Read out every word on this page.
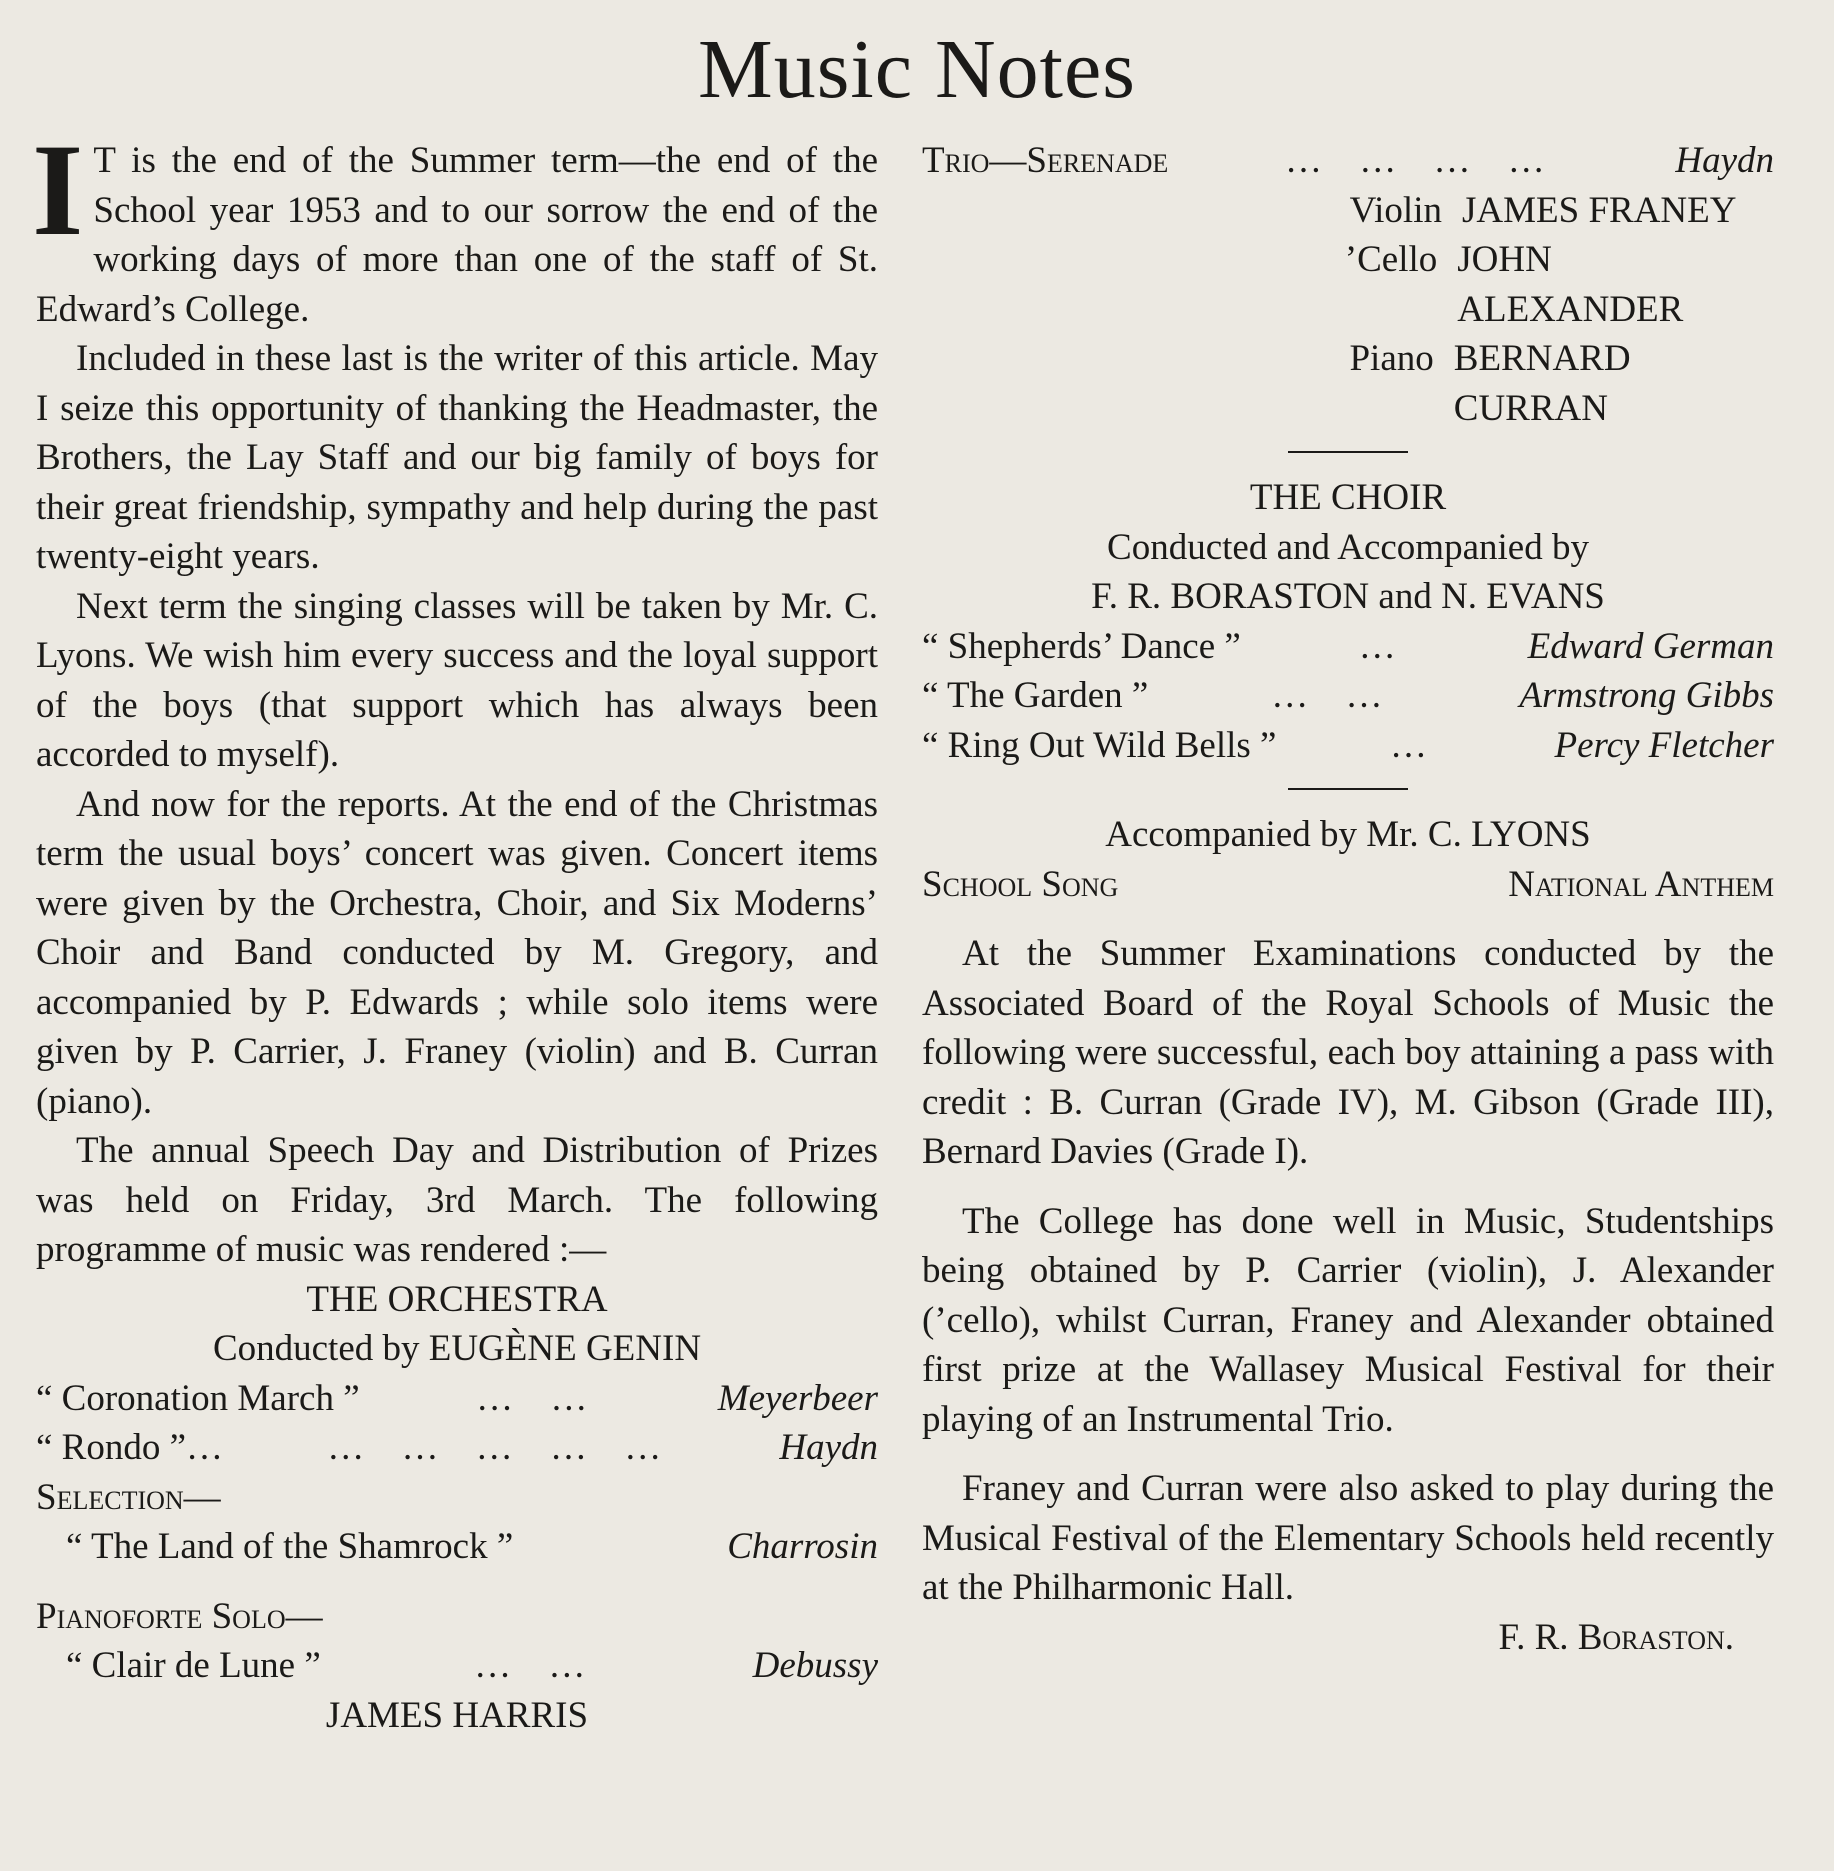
Music Notes

I T is the end of the Summer term—the end of the School year 1953 and to our sorrow the end of the working days of more than one of the staff of St. Edward’s College.

Included in these last is the writer of this article. May I seize this opportunity of thanking the Headmaster, the Brothers, the Lay Staff and our big family of boys for their great friendship, sympathy and help during the past twenty-eight years.

Next term the singing classes will be taken by Mr. C. Lyons. We wish him every success and the loyal support of the boys (that support which has always been accorded to myself).

And now for the reports. At the end of the Christmas term the usual boys’ concert was given. Concert items were given by the Orchestra, Choir, and Six Moderns’ Choir and Band conducted by M. Gregory, and accompanied by P. Edwards ; while solo items were given by P. Carrier, J. Franey (violin) and B. Curran (piano).

The annual Speech Day and Distribution of Prizes was held on Friday, 3rd March. The following programme of music was rendered :—

THE ORCHESTRA
Conducted by EUGÈNE GENIN
“ Coronation March ”	… …	Meyerbeer
“ Rondo ”…	… … … … …	Haydn
Selection—
“ The Land of the Shamrock ”	Charrosin
Pianoforte Solo—
“ Clair de Lune ”	… …	Debussy
JAMES HARRIS
Trio—Serenade	… … … …	Haydn
Violin JAMES FRANEY
’Cello JOHN ALEXANDER
Piano BERNARD CURRAN
THE CHOIR
Conducted and Accompanied by
F. R. BORASTON and N. EVANS
“ Shepherds’ Dance ”	…	Edward German
“ The Garden ”	… …	Armstrong Gibbs
“ Ring Out Wild Bells ”	…	Percy Fletcher
Accompanied by Mr. C. LYONS
School Song	National Anthem

At the Summer Examinations conducted by the Associated Board of the Royal Schools of Music the following were successful, each boy attaining a pass with credit : B. Curran (Grade IV), M. Gibson (Grade III), Bernard Davies (Grade I).

The College has done well in Music, Studentships being obtained by P. Carrier (violin), J. Alexander (’cello), whilst Curran, Franey and Alexander obtained first prize at the Wallasey Musical Festival for their playing of an Instrumental Trio.

Franey and Curran were also asked to play during the Musical Festival of the Elementary Schools held recently at the Philharmonic Hall.

F. R. Boraston.
